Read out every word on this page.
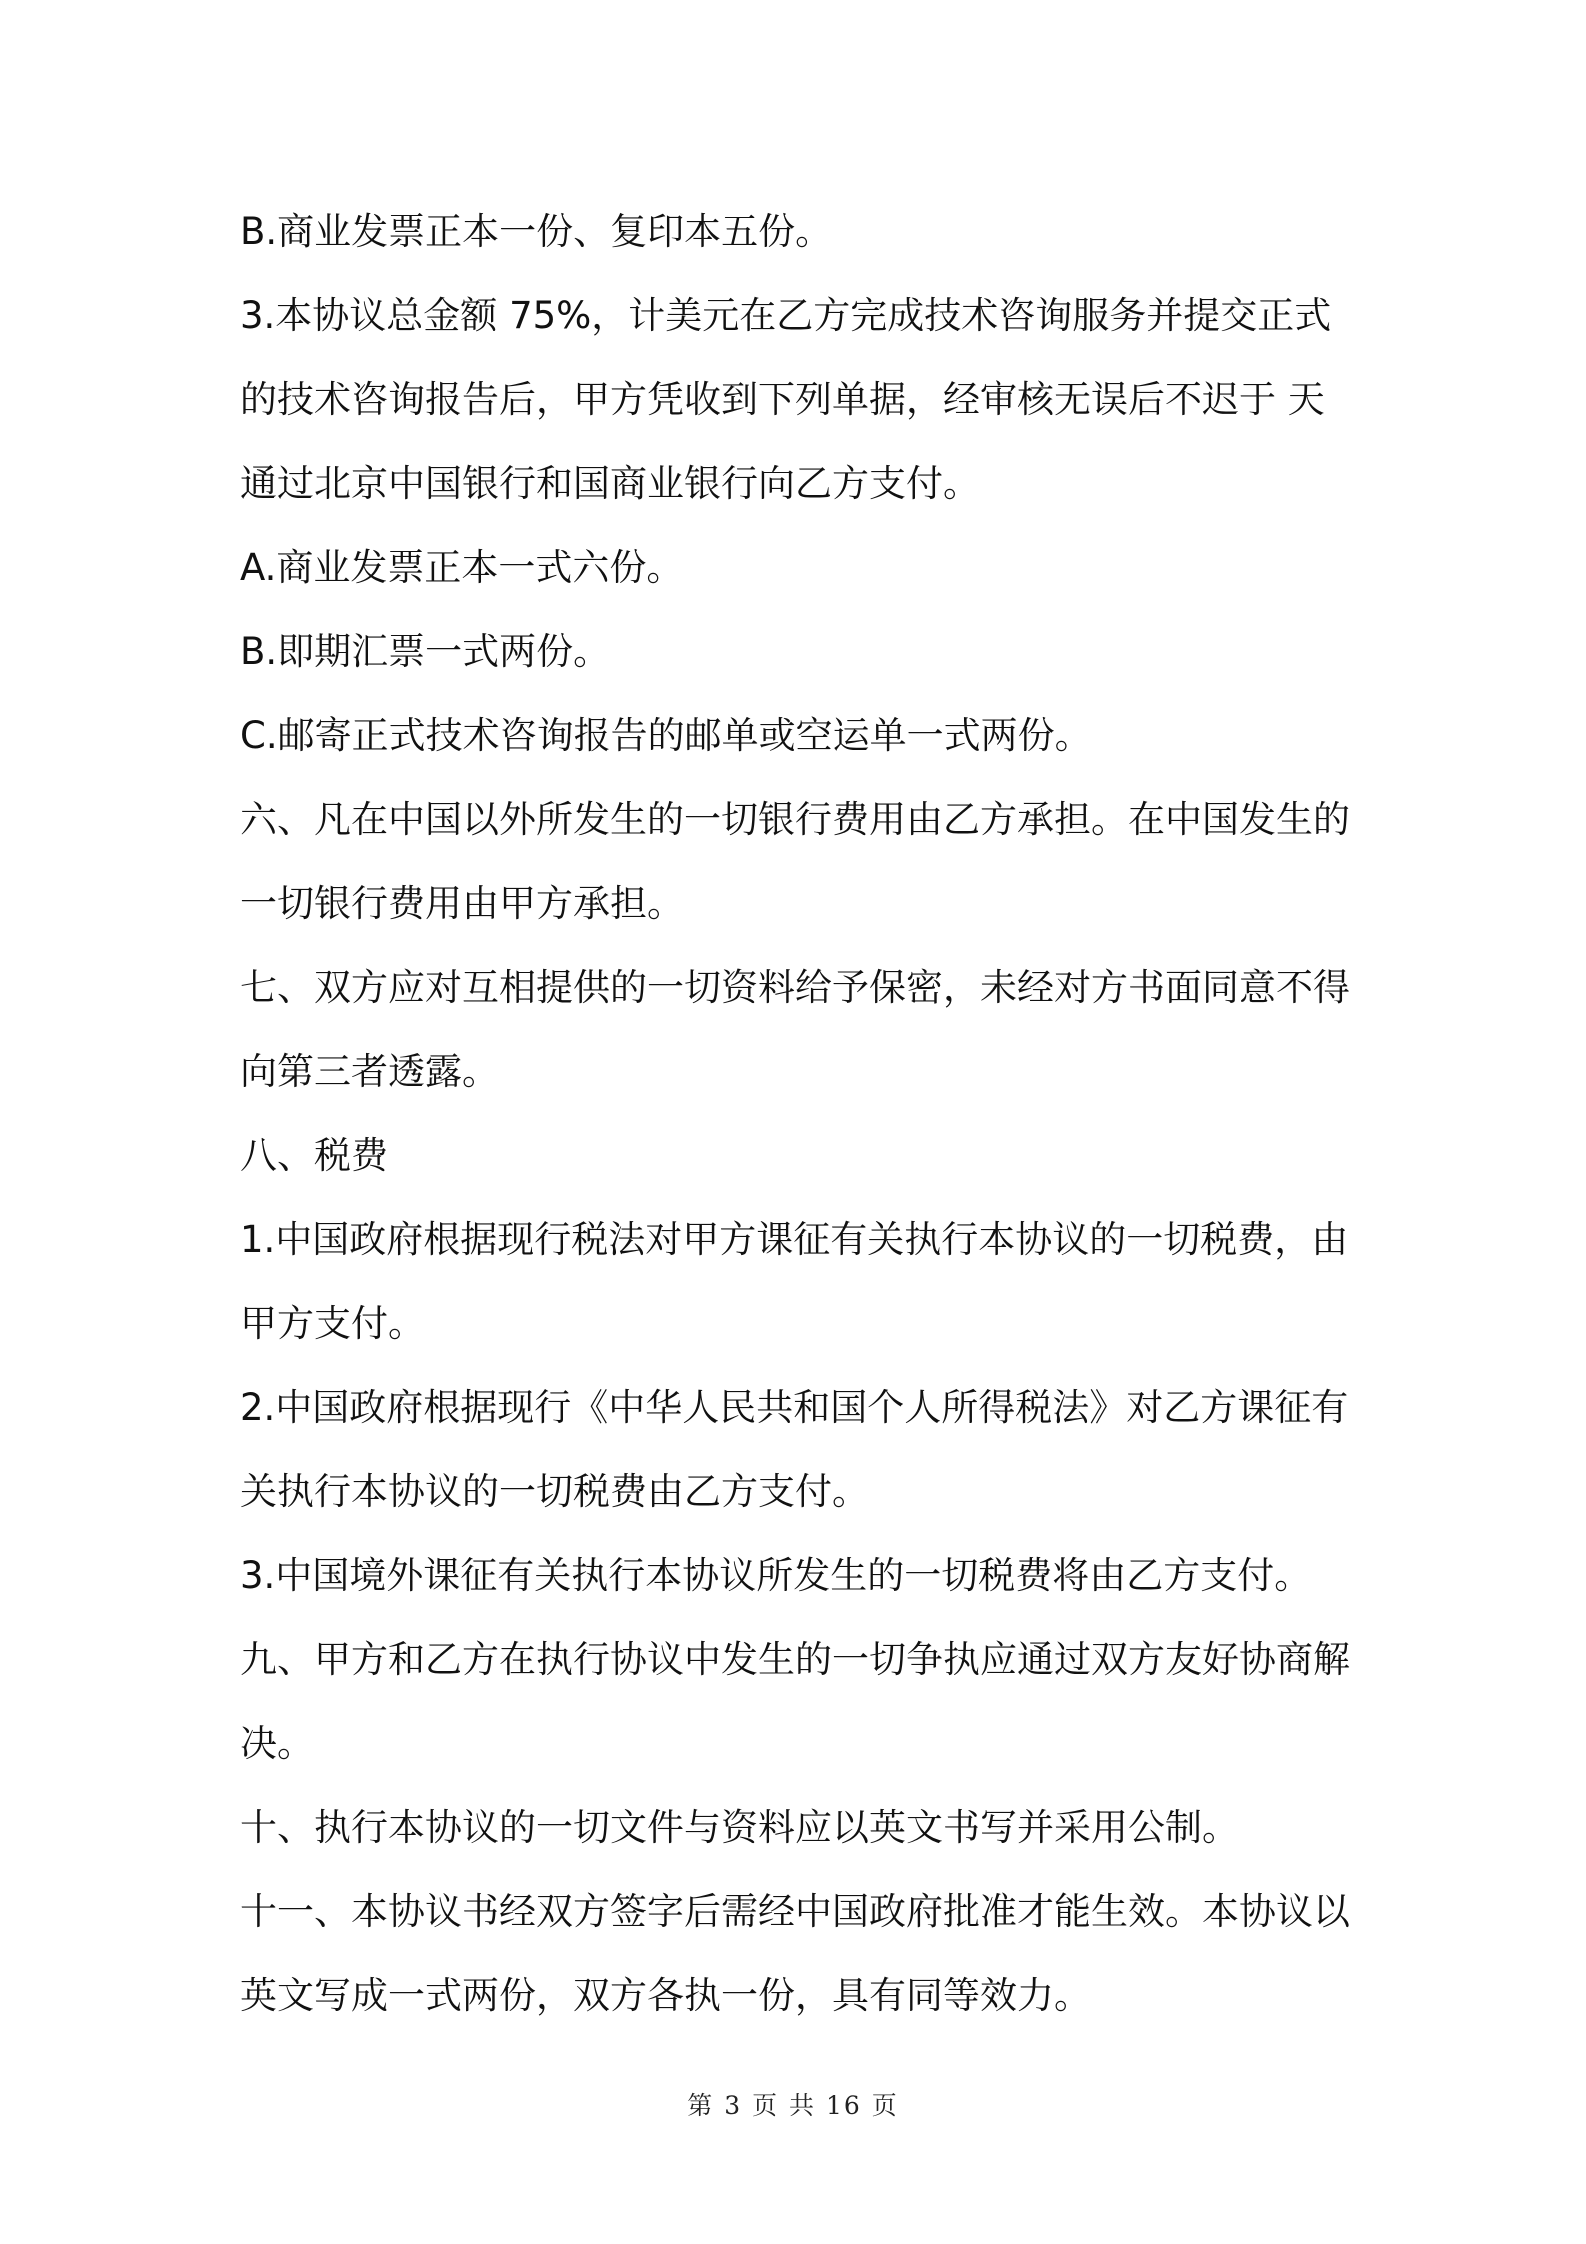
B.商业发票正本一份、复印本五份。

3.本协议总金额 75%，计美元在乙方完成技术咨询服务并提交正式的技术咨询报告后，甲方凭收到下列单据，经审核无误后不迟于 天通过北京中国银行和国商业银行向乙方支付。

A.商业发票正本一式六份。

B.即期汇票一式两份。

C.邮寄正式技术咨询报告的邮单或空运单一式两份。

六、凡在中国以外所发生的一切银行费用由乙方承担。在中国发生的一切银行费用由甲方承担。

七、双方应对互相提供的一切资料给予保密，未经对方书面同意不得向第三者透露。

八、税费

1.中国政府根据现行税法对甲方课征有关执行本协议的一切税费，由甲方支付。

2.中国政府根据现行《中华人民共和国个人所得税法》对乙方课征有关执行本协议的一切税费由乙方支付。

3.中国境外课征有关执行本协议所发生的一切税费将由乙方支付。

九、甲方和乙方在执行协议中发生的一切争执应通过双方友好协商解决。

十、执行本协议的一切文件与资料应以英文书写并采用公制。

十一、本协议书经双方签字后需经中国政府批准才能生效。本协议以英文写成一式两份，双方各执一份，具有同等效力。

第 3 页 共 16 页
